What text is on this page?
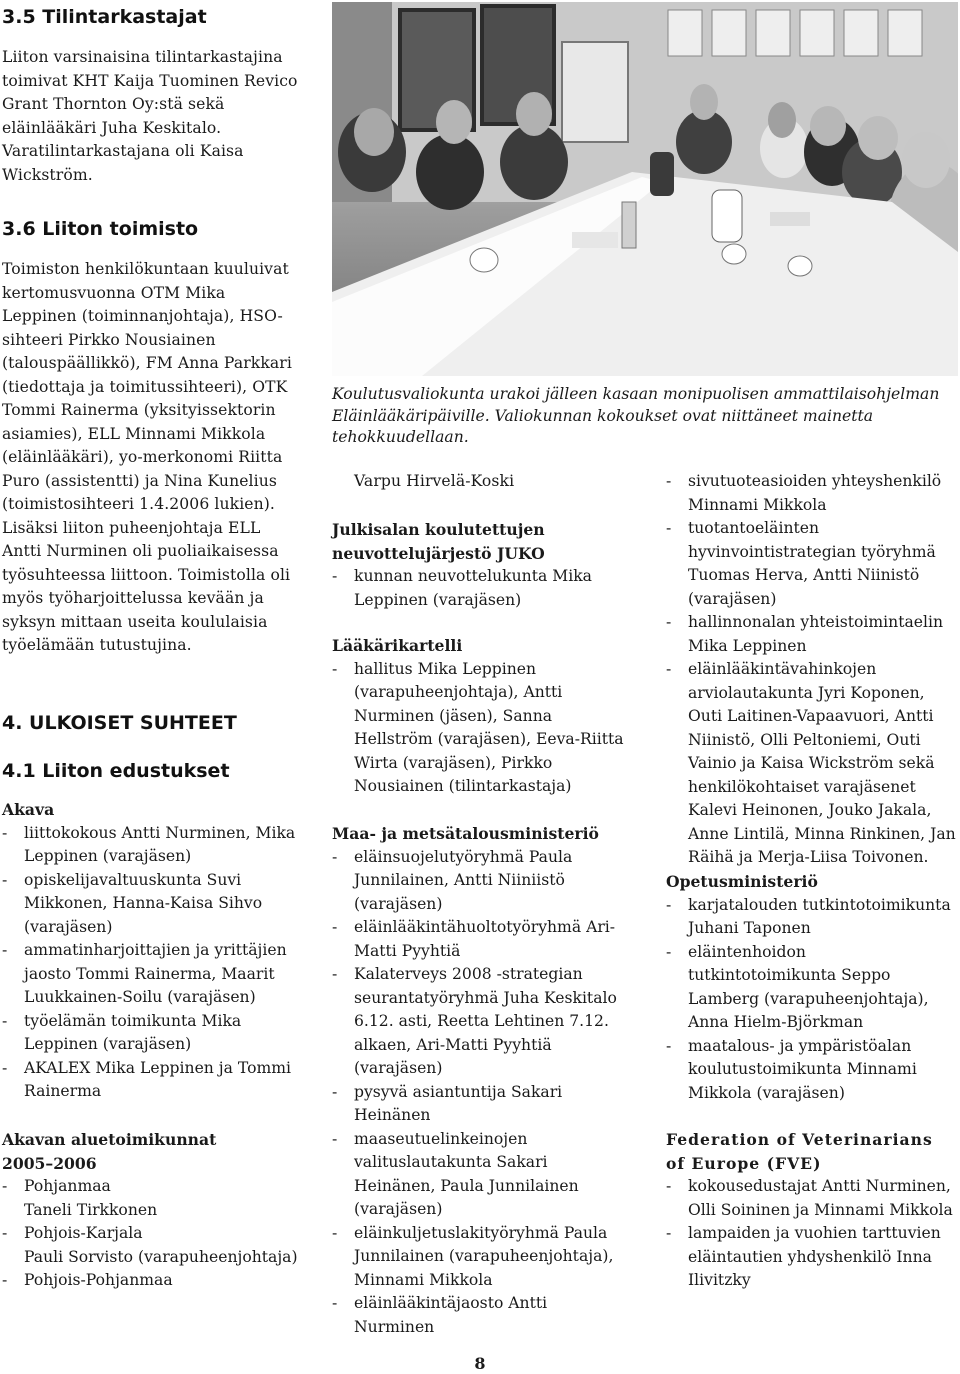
3.5 Tilintarkastajat

Liiton varsinaisina tilintarkastajina toimivat KHT Kaija Tuominen Revico Grant Thornton Oy:stä sekä eläinlääkäri Juha Keskitalo. Varatilintarkastajana oli Kaisa Wickström.

3.6 Liiton toimisto

Toimiston henkilökuntaan kuuluivat kertomusvuonna OTM Mika Leppinen (toiminnanjohtaja), HSO-sihteeri Pirkko Nousiainen (talouspäällikkö), FM Anna Parkkari (tiedottaja ja toimitussihteeri), OTK Tommi Rainerma (yksityissektorin asiamies), ELL Minnami Mikkola (eläinlääkäri), yo-merkonomi Riitta Puro (assistentti) ja Nina Kunelius (toimistosihteeri 1.4.2006 lukien). Lisäksi liiton puheenjohtaja ELL Antti Nurminen oli puoliaikaisessa työsuhteessa liittoon. Toimistolla oli myös työharjoittelussa kevään ja syksyn mittaan useita koululaisia työelämään tutustujina.

4. ULKOISET SUHTEET
4.1 Liiton edustukset

Akava

- liittokokous Antti Nurminen, Mika Leppinen (varajäsen)
- opiskelijavaltuuskunta Suvi Mikkonen, Hanna-Kaisa Sihvo (varajäsen)
- ammatinharjoittajien ja yrittäjien jaosto Tommi Rainerma, Maarit Luukkainen-Soilu (varajäsen)
- työelämän toimikunta Mika Leppinen (varajäsen)
- AKALEX Mika Leppinen ja Tommi Rainerma

Akavan aluetoimikunnat

2005–2006

- Pohjanmaa
Taneli Tirkkonen
- Pohjois-Karjala
Pauli Sorvisto (varapuheenjohtaja)
- Pohjois-Pohjanmaa

Koulutusvaliokunta urakoi jälleen kasaan monipuolisen ammattilaisohjelman Eläinlääkäripäiville. Valiokunnan kokoukset ovat niittäneet mainetta tehokkuudellaan.

Varpu Hirvelä-Koski

Julkisalan koulutettujen neuvottelujärjestö JUKO

- kunnan neuvottelukunta Mika Leppinen (varajäsen)

Lääkärikartelli

- hallitus Mika Leppinen (varapuheenjohtaja), Antti Nurminen (jäsen), Sanna Hellström (varajäsen), Eeva-Riitta Wirta (varajäsen), Pirkko Nousiainen (tilintarkastaja)

Maa- ja metsätalousministeriö

- eläinsuojelutyöryhmä Paula Junnilainen, Antti Niiniistö (varajäsen)
- eläinlääkintähuoltotyöryhmä Ari-Matti Pyyhtiä
- Kalaterveys 2008 -strategian seurantatyöryhmä Juha Keskitalo 6.12. asti, Reetta Lehtinen 7.12. alkaen, Ari-Matti Pyyhtiä (varajäsen)
- pysyvä asiantuntija Sakari Heinänen
- maaseutuelinkeinojen valituslautakunta Sakari Heinänen, Paula Junnilainen (varajäsen)
- eläinkuljetuslakityöryhmä Paula Junnilainen (varapuheenjohtaja), Minnami Mikkola
- eläinlääkintäjaosto Antti Nurminen
- sivutuoteasioiden yhteyshenkilö Minnami Mikkola
- tuotantoeläinten hyvinvointistrategian työryhmä Tuomas Herva, Antti Niinistö (varajäsen)
- hallinnonalan yhteistoimintaelin Mika Leppinen
- eläinlääkintävahinkojen arviolautakunta Jyri Koponen, Outi Laitinen-Vapaavuori, Antti Niinistö, Olli Peltoniemi, Outi Vainio ja Kaisa Wickström sekä henkilökohtaiset varajäsenet Kalevi Heinonen, Jouko Jakala, Anne Lintilä, Minna Rinkinen, Jan Räihä ja Merja-Liisa Toivonen.

Opetusministeriö

- karjatalouden tutkintotoimikunta Juhani Taponen
- eläintenhoidon tutkintotoimikunta Seppo Lamberg (varapuheenjohtaja), Anna Hielm-Björkman
- maatalous- ja ympäristöalan koulutustoimikunta Minnami Mikkola (varajäsen)

Federation of Veterinarians of Europe (FVE)

- kokousedustajat Antti Nurminen, Olli Soininen ja Minnami Mikkola
- lampaiden ja vuohien tarttuvien eläintautien yhdyshenkilö Inna Ilivitzky
8
